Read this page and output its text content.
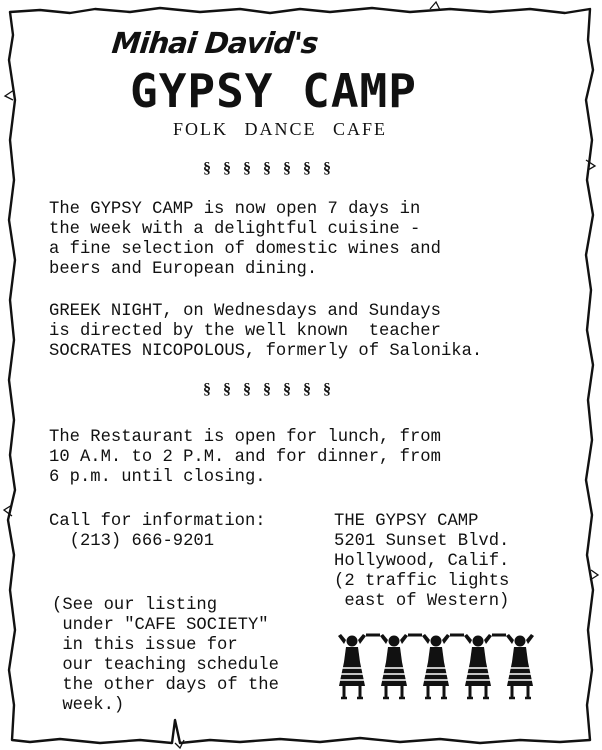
Mihai David's
GYPSY CAMP
FOLK DANCE CAFE
§ § § § § § §
The GYPSY CAMP is now open 7 days in
the week with a delightful cuisine -
a fine selection of domestic wines and
beers and European dining.
GREEK NIGHT, on Wednesdays and Sundays
is directed by the well known  teacher
SOCRATES NICOPOLOUS, formerly of Salonika.
§ § § § § § §
The Restaurant is open for lunch, from
10 A.M. to 2 P.M. and for dinner, from
6 p.m. until closing.
Call for information:
(213) 666-9201
THE GYPSY CAMP
5201 Sunset Blvd.
Hollywood, Calif.
(2 traffic lights
east of Western)
(See our listing
under "CAFE SOCIETY"
in this issue for
our teaching schedule
the other days of the
week.)
